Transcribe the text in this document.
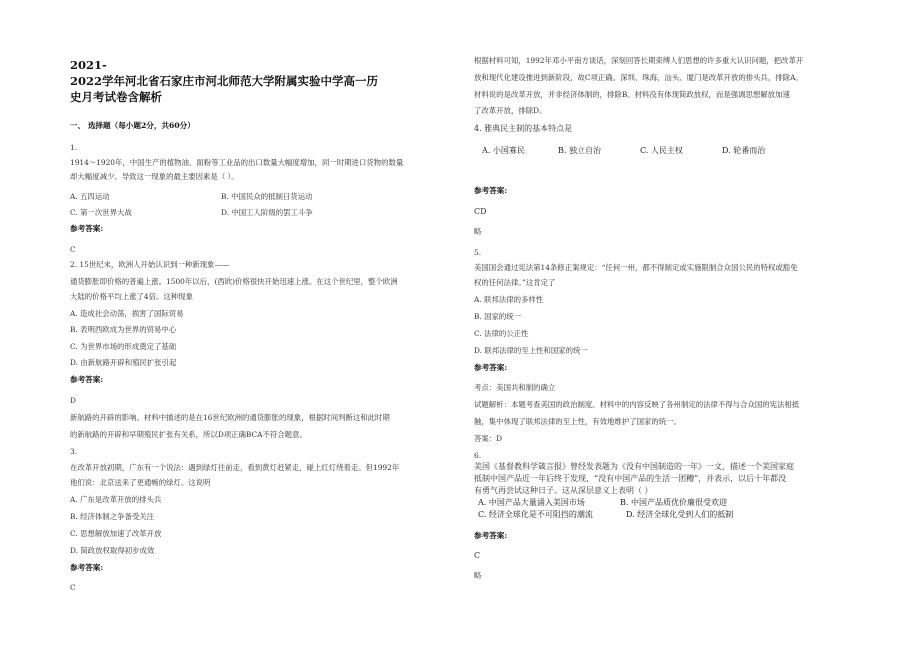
2021-
2022学年河北省石家庄市河北师范大学附属实验中学高一历
史月考试卷含解析
一、 选择题（每小题2分，共60分）
1.
1914～1920年，中国生产的植物油、面粉等工业品的出口数量大幅度增加，同一时期进口货物的数量
却大幅度减少。导致这一现象的最主要因素是（ ）。
A. 五四运动	B. 中国民众的抵制日货运动
C. 第一次世界大战	D. 中国工人阶级的罢工斗争
参考答案:
C
2. 15世纪末，欧洲人开始认识到一种新现象——
通货膨胀即价格的普遍上涨。1500年以后，(西欧)价格很快开始迅速上涨。在这个世纪里，整个欧洲
大陆的价格平均上涨了4倍。这种现象
A. 造成社会动荡，损害了国际贸易
B. 表明西欧成为世界的贸易中心
C. 为世界市场的形成奠定了基础
D. 由新航路开辟和殖民扩张引起
参考答案:
D
新航路的开辟的影响。材料中描述的是在16世纪欧洲的通货膨胀的现象，根据时间判断这和此时期
的新航路的开辟和早期殖民扩张有关系，所以D项正确BCA不符合题意。
3.
在改革开放初期，广东有一个说法：遇到绿灯往前走，看到黄灯赶紧走，碰上红灯绕着走。但1992年
他们说：北京送来了更通畅的绿灯。这说明
A. 广东是改革开放的排头兵
B. 经济体制之争备受关注
C. 思想解放加速了改革开放
D. 简政放权取得初步成效
参考答案:
C
根据材料可知，1992年邓小平南方谈话，深刻回答长期束缚人们思想的许多重大认识问题，把改革开
放和现代化建设推进到新阶段，故C项正确。深圳、珠海、汕头、厦门是改革开放的排头兵，排除A。
材料说的是改革开放，并非经济体制的，排除B。材料没有体现简政放权，而是强调思想解放加速
了改革开放，排除D。
4. 雅典民主制的基本特点是
A. 小国寡民	B. 独立自治	C. 人民主权	D. 轮番而治
参考答案:
CD
略
5.
美国国会通过宪法第14条修正案规定：“任何一州，都不得制定或实施限制合众国公民的特权或豁免
权的任何法律。”这肯定了
A. 联邦法律的多样性
B. 国家的统一
C. 法律的公正性
D. 联邦法律的至上性和国家的统一
参考答案:
考点：美国共和制的确立
试题解析：本题考查美国的政治制度。材料中的内容反映了各州制定的法律不得与合众国的宪法相抵
触，集中体现了联邦法律的至上性，有效地维护了国家的统一。
答案：D
6.
美国《基督教科学箴言报》曾经发表题为《没有中国制造的一年》一文，描述一个美国家庭
抵制中国产品近一年后终于发现，“没有中国产品的生活一团糟”，并表示，以后十年都没
有勇气再尝试这种日子。这从深层意义上表明（ ）
A. 中国产品大量涌入美国市场	B. 中国产品质优价廉很受欢迎
C. 经济全球化是不可阻挡的潮流	D. 经济全球化受到人们的抵制
参考答案:
C
略
